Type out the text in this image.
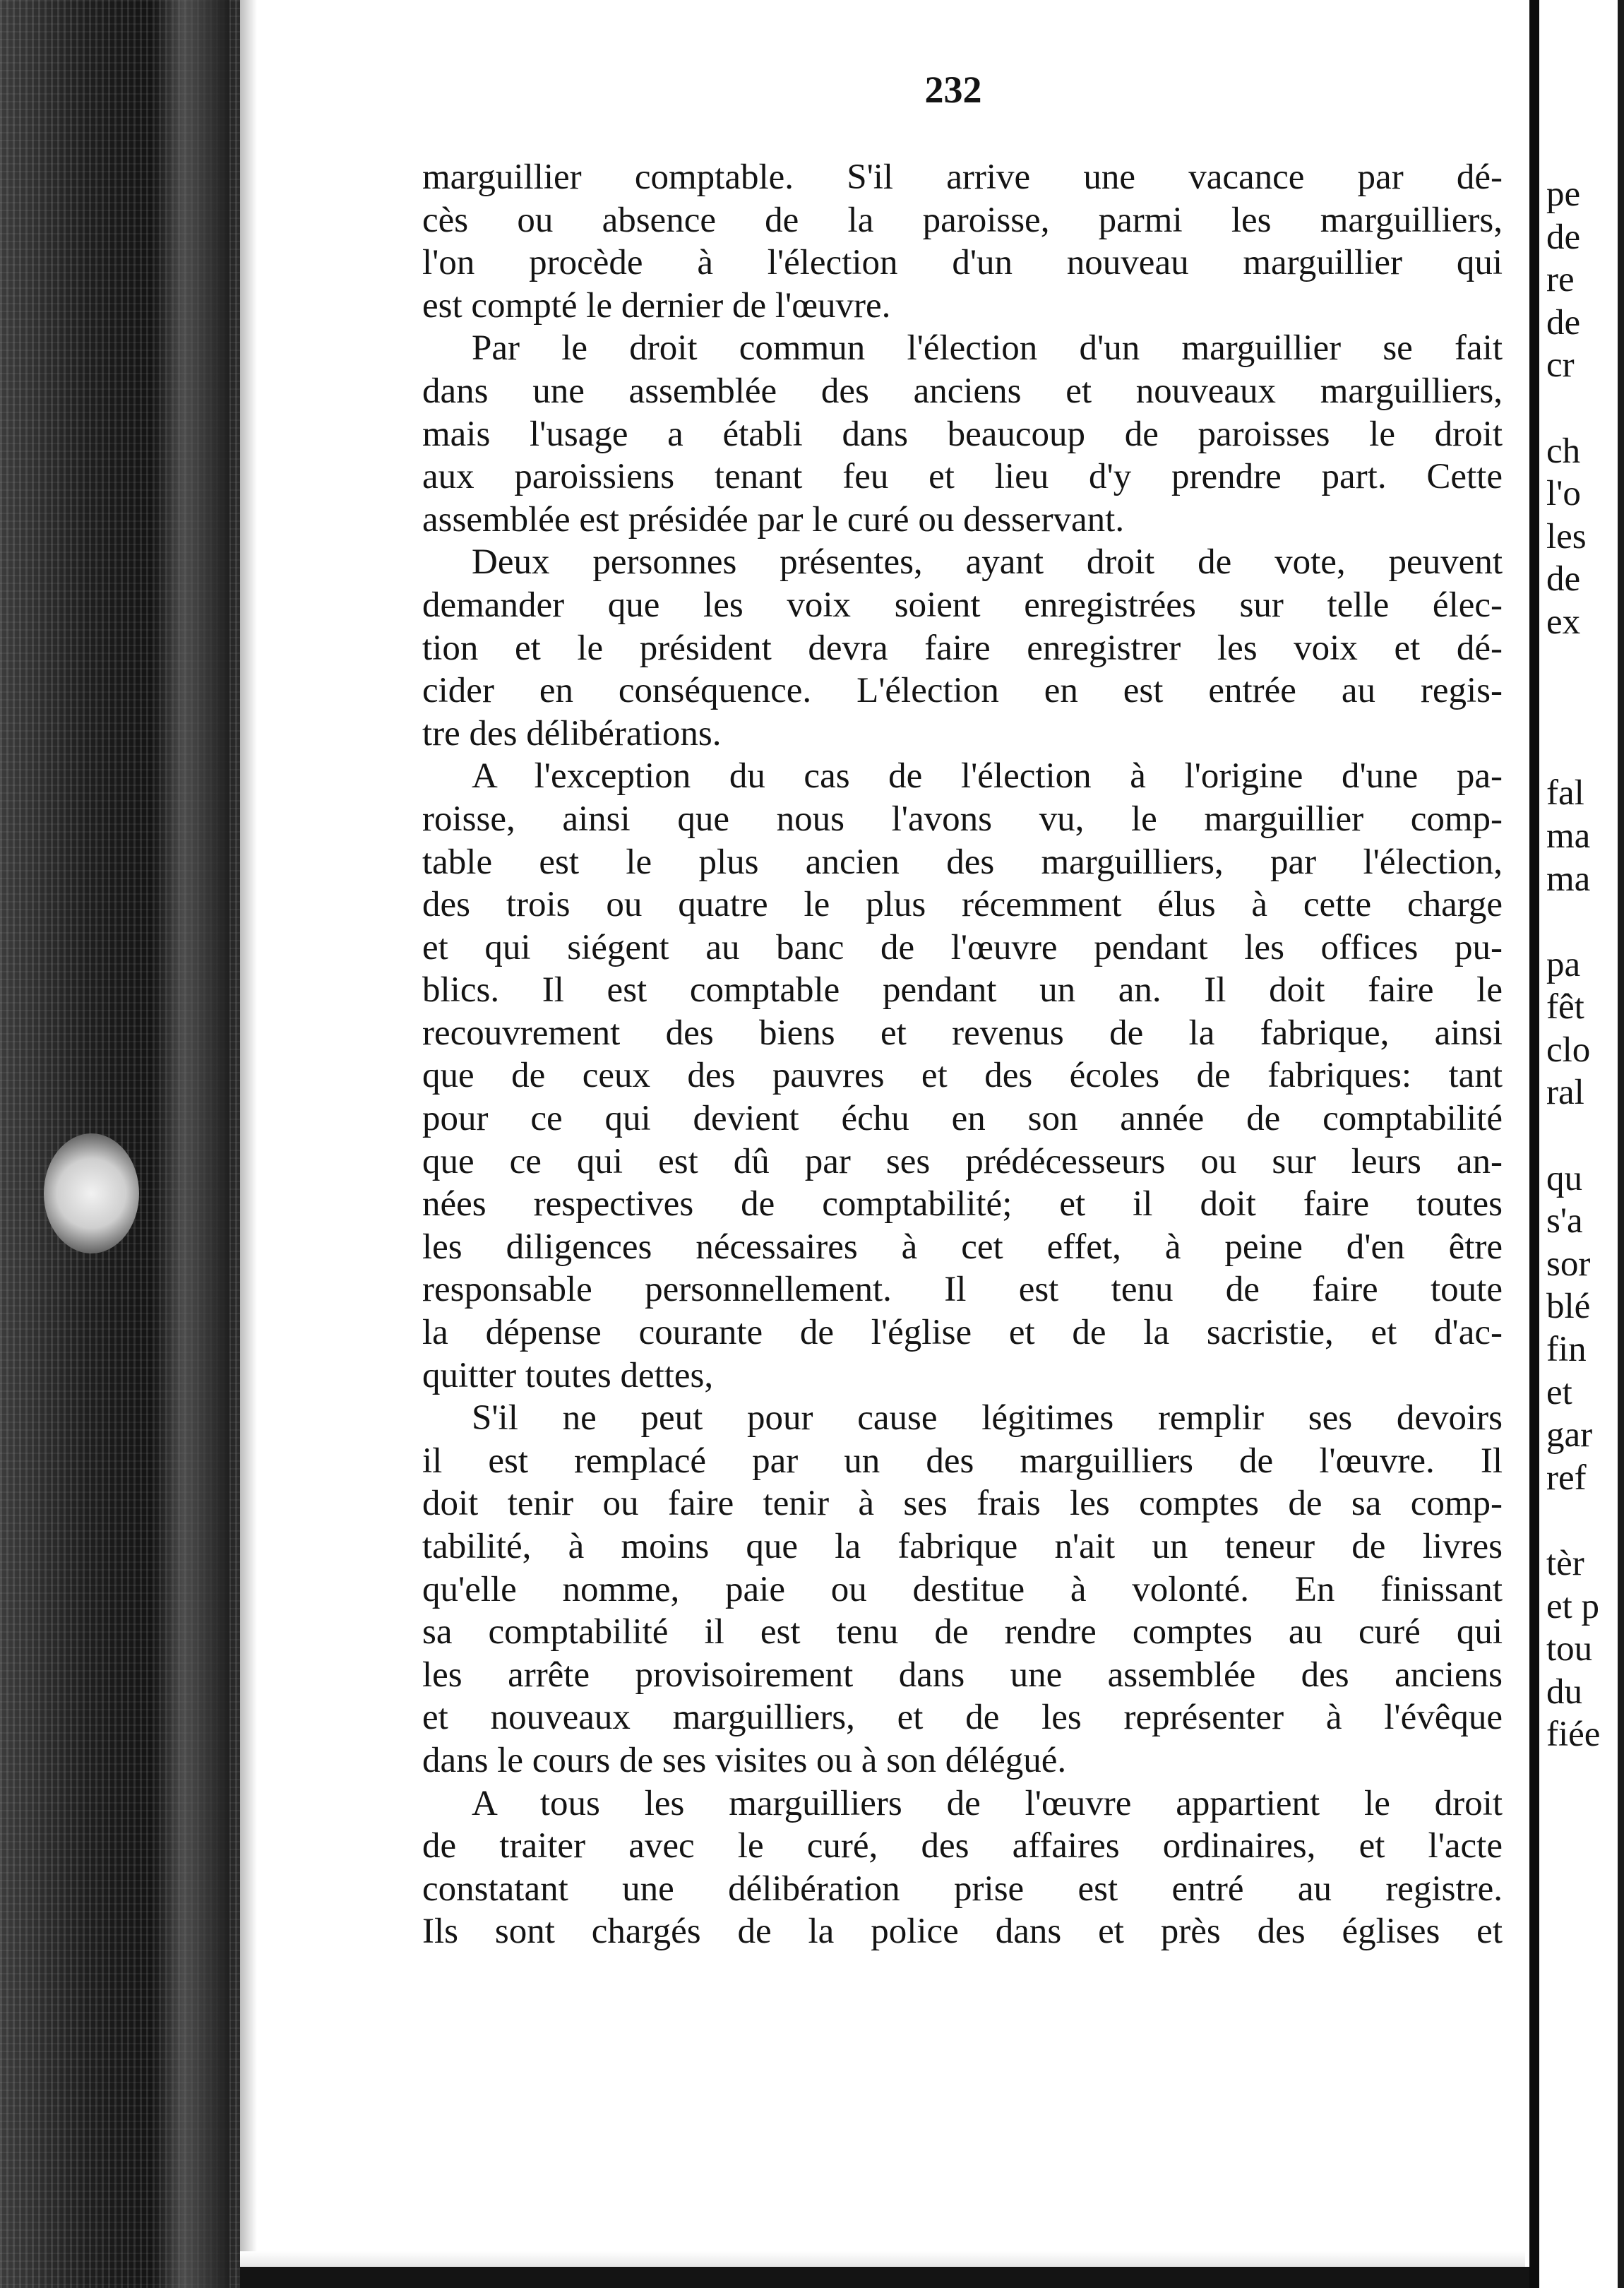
232
marguillier comptable. S'il arrive une vacance par dé-
cès ou absence de la paroisse, parmi les marguilliers,
l'on procède à l'élection d'un nouveau marguillier qui
est compté le dernier de l'œuvre.
Par le droit commun l'élection d'un marguillier se fait
dans une assemblée des anciens et nouveaux marguilliers,
mais l'usage a établi dans beaucoup de paroisses le droit
aux paroissiens tenant feu et lieu d'y prendre part. Cette
assemblée est présidée par le curé ou desservant.
Deux personnes présentes, ayant droit de vote, peuvent
demander que les voix soient enregistrées sur telle élec-
tion et le président devra faire enregistrer les voix et dé-
cider en conséquence. L'élection en est entrée au regis-
tre des délibérations.
A l'exception du cas de l'élection à l'origine d'une pa-
roisse, ainsi que nous l'avons vu, le marguillier comp-
table est le plus ancien des marguilliers, par l'élection,
des trois ou quatre le plus récemment élus à cette charge
et qui siégent au banc de l'œuvre pendant les offices pu-
blics. Il est comptable pendant un an. Il doit faire le
recouvrement des biens et revenus de la fabrique, ainsi
que de ceux des pauvres et des écoles de fabriques: tant
pour ce qui devient échu en son année de comptabilité
que ce qui est dû par ses prédécesseurs ou sur leurs an-
nées respectives de comptabilité; et il doit faire toutes
les diligences nécessaires à cet effet, à peine d'en être
responsable personnellement. Il est tenu de faire toute
la dépense courante de l'église et de la sacristie, et d'ac-
quitter toutes dettes,
S'il ne peut pour cause légitimes remplir ses devoirs
il est remplacé par un des marguilliers de l'œuvre. Il
doit tenir ou faire tenir à ses frais les comptes de sa comp-
tabilité, à moins que la fabrique n'ait un teneur de livres
qu'elle nomme, paie ou destitue à volonté. En finissant
sa comptabilité il est tenu de rendre comptes au curé qui
les arrête provisoirement dans une assemblée des anciens
et nouveaux marguilliers, et de les représenter à l'évêque
dans le cours de ses visites ou à son délégué.
A tous les marguilliers de l'œuvre appartient le droit
de traiter avec le curé, des affaires ordinaires, et l'acte
constatant une délibération prise est entré au registre.
Ils sont chargés de la police dans et près des églises et
pe
de
re
de
cr

ch
l'o
les
de
ex

fal
ma
ma

pa
fêt
clo
ral

qu
s'a
sor
blé
fin
et
gar
ref

tèr
et p
tou
du
fiée
